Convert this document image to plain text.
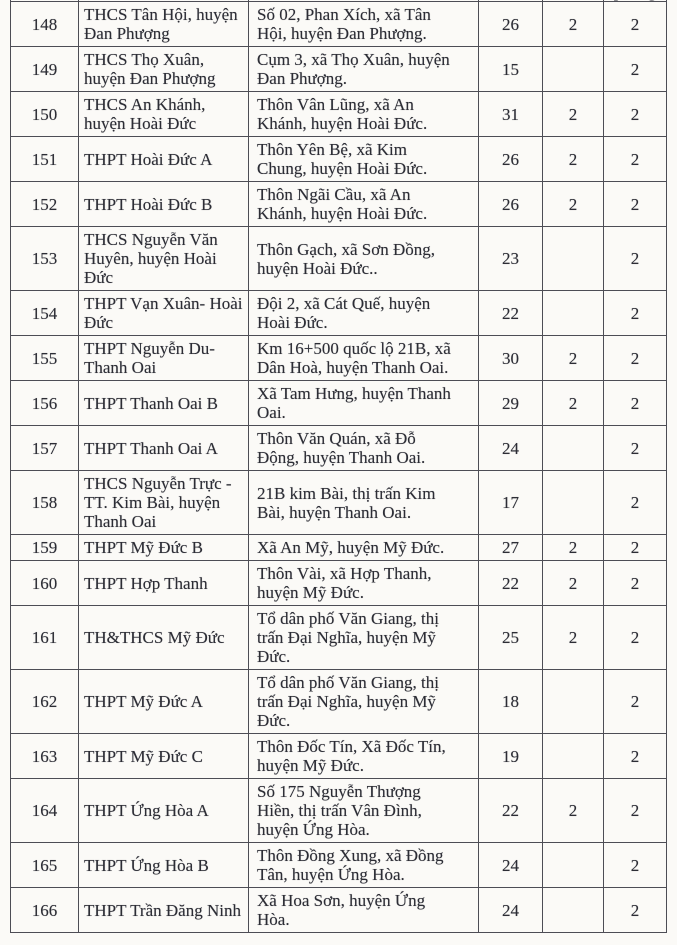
148	THCS Tân Hội, huyện Đan Phượng	Số 02, Phan Xích, xã Tân Hội, huyện Đan Phượng.	26	2	2
149	THCS Thọ Xuân, huyện Đan Phượng	Cụm 3, xã Thọ Xuân, huyện Đan Phượng.	15		2
150	THCS An Khánh, huyện Hoài Đức	Thôn Vân Lũng, xã An Khánh, huyện Hoài Đức.	31	2	2
151	THPT Hoài Đức A	Thôn Yên Bệ, xã Kim Chung, huyện Hoài Đức.	26	2	2
152	THPT Hoài Đức B	Thôn Ngãi Cầu, xã An Khánh, huyện Hoài Đức.	26	2	2
153	THCS Nguyễn Văn Huyên, huyện Hoài Đức	Thôn Gạch, xã Sơn Đồng, huyện Hoài Đức..	23		2
154	THPT Vạn Xuân- Hoài Đức	Đội 2, xã Cát Quế, huyện Hoài Đức.	22		2
155	THPT Nguyễn Du- Thanh Oai	Km 16+500 quốc lộ 21B, xã Dân Hoà, huyện Thanh Oai.	30	2	2
156	THPT Thanh Oai B	Xã Tam Hưng, huyện Thanh Oai.	29	2	2
157	THPT Thanh Oai A	Thôn Văn Quán, xã Đỗ Động, huyện Thanh Oai.	24		2
158	THCS Nguyễn Trực - TT. Kim Bài, huyện Thanh Oai	21B kim Bài, thị trấn Kim Bài, huyện Thanh Oai.	17		2
159	THPT Mỹ Đức B	Xã An Mỹ, huyện Mỹ Đức.	27	2	2
160	THPT Hợp Thanh	Thôn Vài, xã Hợp Thanh, huyện Mỹ Đức.	22	2	2
161	TH&THCS Mỹ Đức	Tổ dân phố Văn Giang, thị trấn Đại Nghĩa, huyện Mỹ Đức.	25	2	2
162	THPT Mỹ Đức A	Tổ dân phố Văn Giang, thị trấn Đại Nghĩa, huyện Mỹ Đức.	18		2
163	THPT Mỹ Đức C	Thôn Đốc Tín, Xã Đốc Tín, huyện Mỹ Đức.	19		2
164	THPT Ứng Hòa A	Số 175 Nguyễn Thượng Hiền, thị trấn Vân Đình, huyện Ứng Hòa.	22	2	2
165	THPT Ứng Hòa B	Thôn Đồng Xung, xã Đồng Tân, huyện Ứng Hòa.	24		2
166	THPT Trần Đăng Ninh	Xã Hoa Sơn, huyện Ứng Hòa.	24		2
